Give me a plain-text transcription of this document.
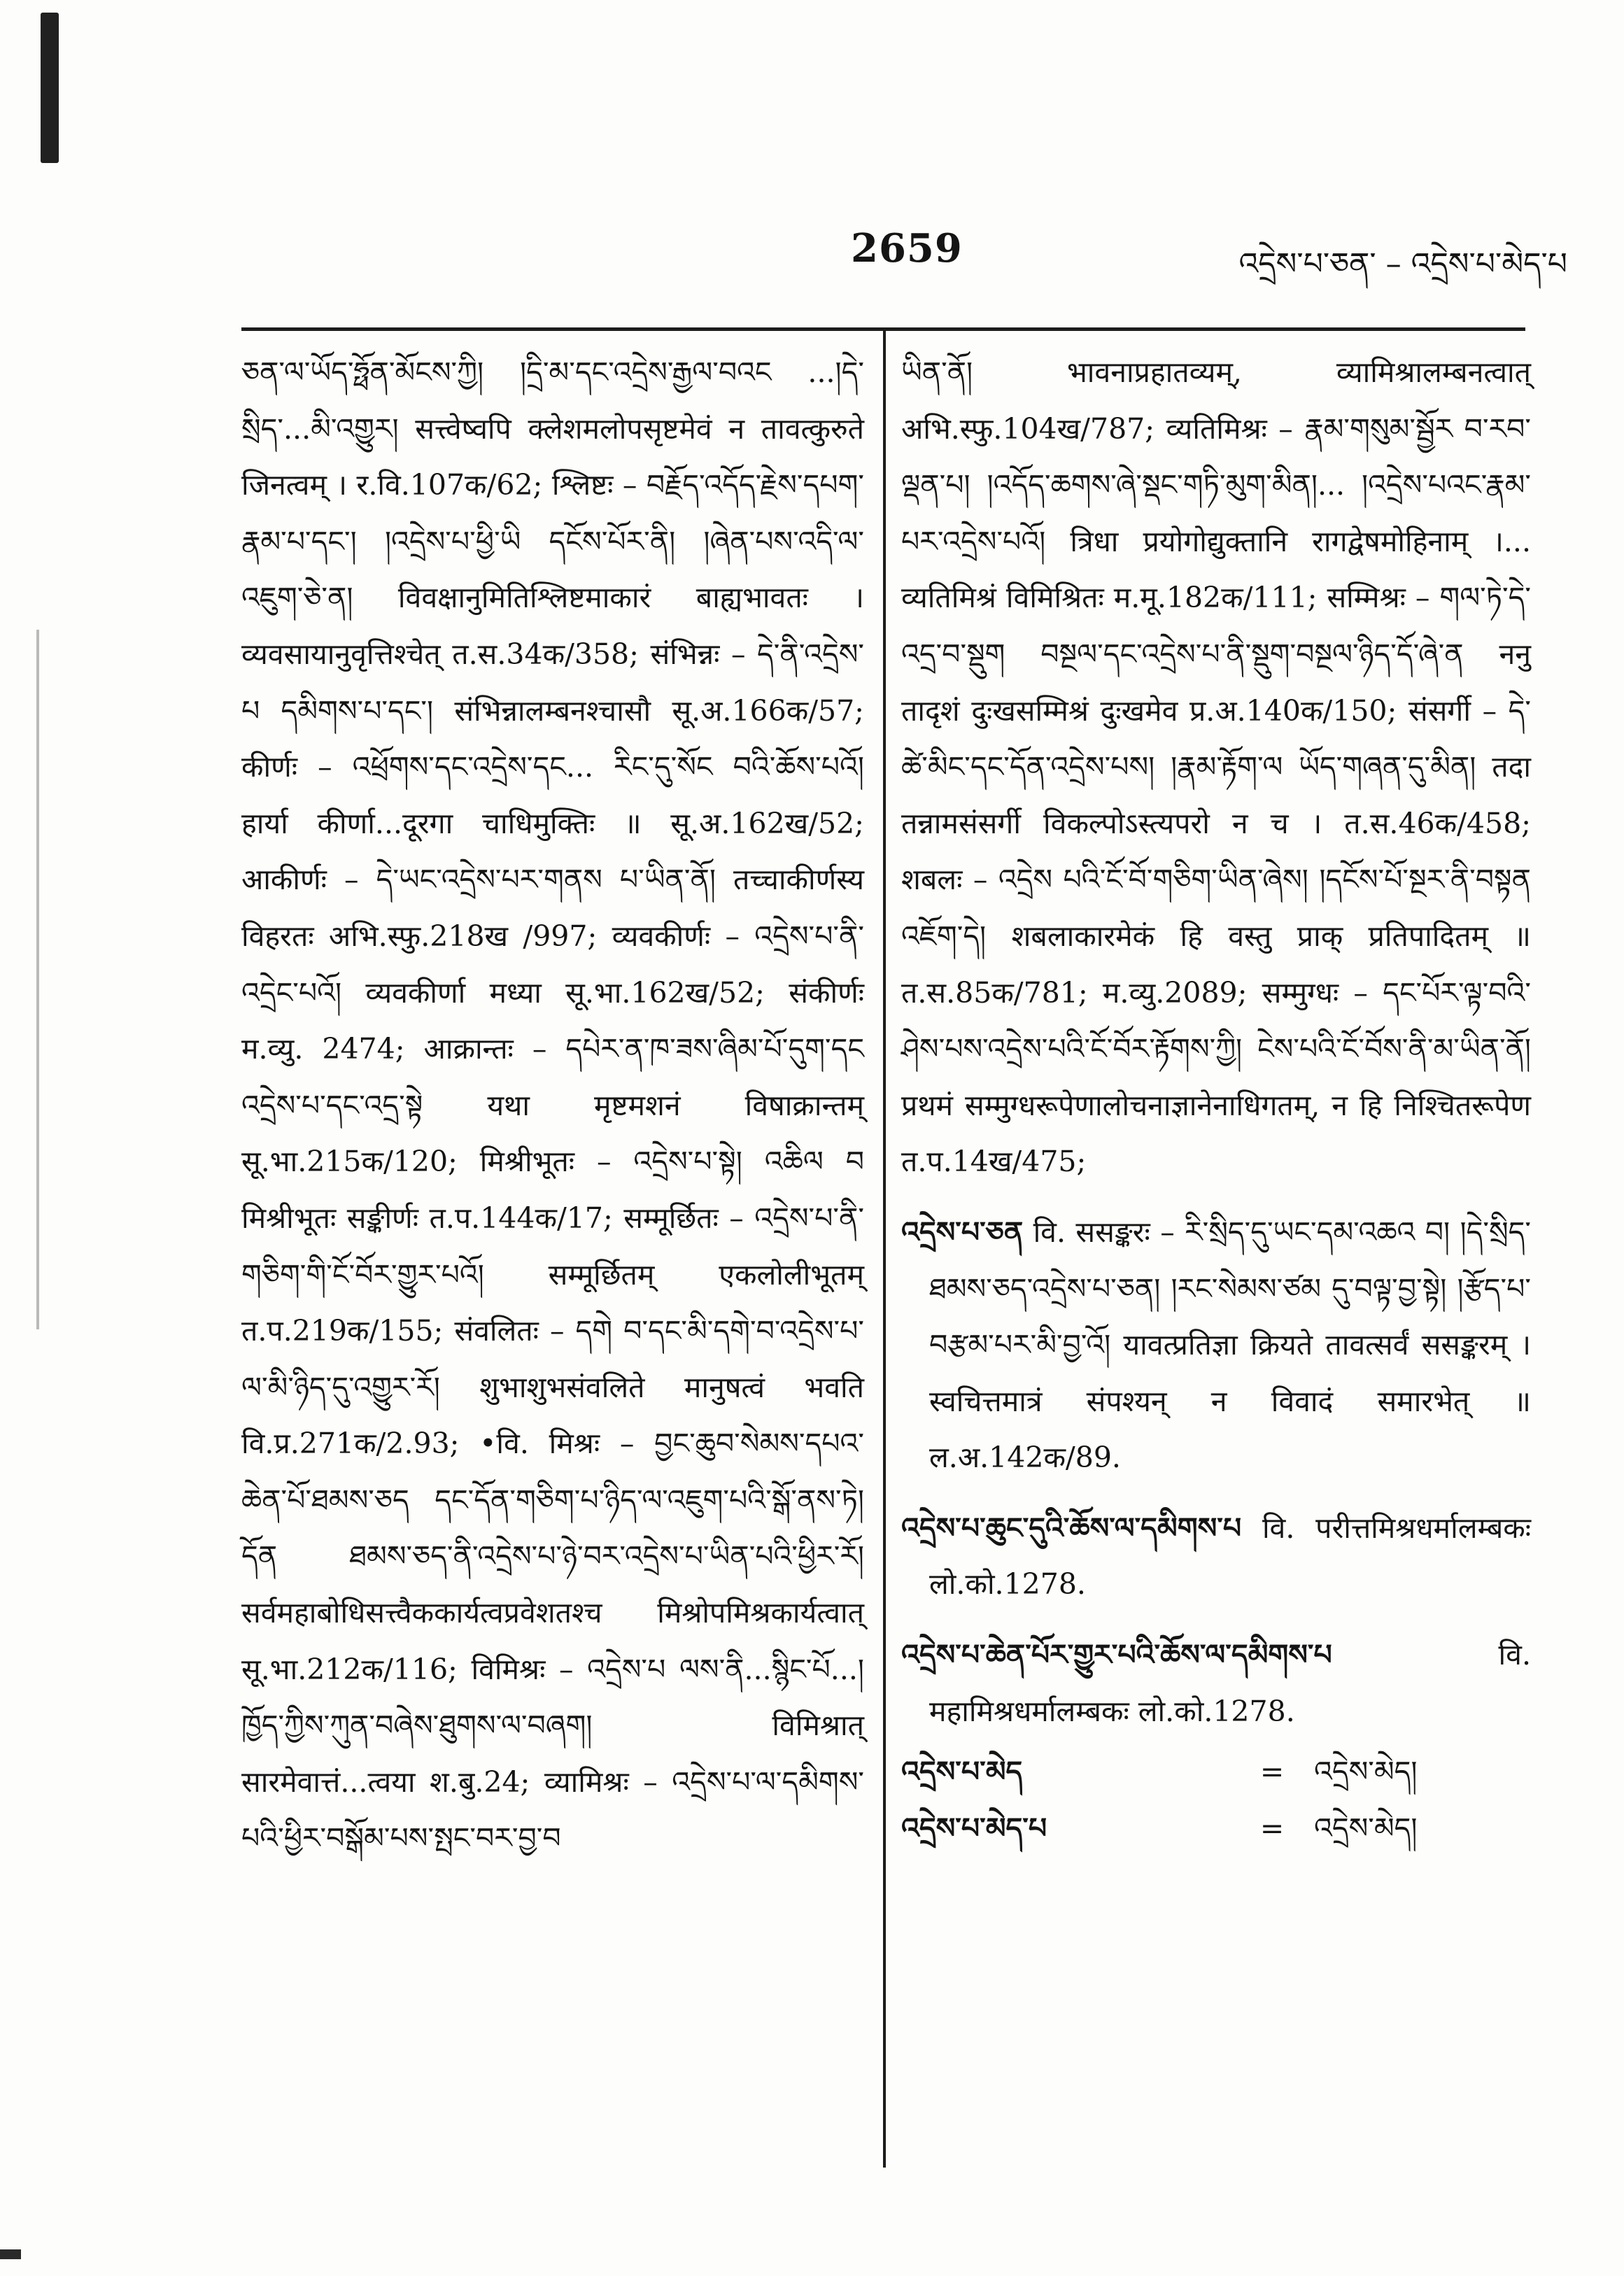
2659	འདྲེས་པ་ཅན་ – འདྲེས་པ་མེད་པ

ཅན་ལ་ཡོད་ཧྥོན་མོངས་ཀྱི། །དྲི་མ་དང་འདྲེས་རྒྱལ་བའང ...།དེ་སྲིད་...མི་འགྱུར། सत्त्वेष्वपि क्लेशमलोपसृष्टमेवं न तावत्कुरुते जिनत्वम् । र.वि.107क/62; श्लिष्टः – བརྗོད་འདོད་རྗེས་དཔག་རྣམ་པ་དང་། །འདྲེས་པ་ཕྱི་ཡི དངོས་པོར་ནི། །ཞེན་པས་འདི་ལ་འཇུག་ཅེ་ན། विवक्षानुमितिश्लिष्टमाकारं बाह्यभावतः । व्यवसायानुवृत्तिश्चेत् त.स.34क/358; संभिन्नः – དེ་ནི་འདྲེས་པ དམིགས་པ་དང་། संभिन्नालम्बनश्चासौ सू.अ.166क/57; कीर्णः – འཕྲོགས་དང་འདྲེས་དང... རིང་དུ་སོང བའི་ཆོས་པའོ། हार्या कीर्णा...दूरगा चाधिमुक्तिः ॥ सू.अ.162ख/52; आकीर्णः – དེ་ཡང་འདྲེས་པར་གནས པ་ཡིན་ནོ། तच्चाकीर्णस्य विहरतः अभि.स्फु.218ख /997; व्यवकीर्णः – འདྲེས་པ་ནི་འདྲེང་པའོ། व्यवकीर्णा मध्या सू.भा.162ख/52; संकीर्णः म.व्यु. 2474; आक्रान्तः – དཔེར་ན་ཁ་ཟས་ཞིམ་པོ་དུག་དང འདྲེས་པ་དང་འདྲ་སྟེ यथा मृष्टमशनं विषाक्रान्तम् सू.भा.215क/120; मिश्रीभूतः – འདྲེས་པ་སྟེ། འཆིལ བ मिश्रीभूतः सङ्कीर्णः त.प.144क/17; सम्मूर्छितः – འདྲེས་པ་ནི་གཅིག་གི་ངོ་བོར་གྱུར་པའོ། सम्मूर्छितम् एकलोलीभूतम् त.प.219क/155; संवलितः – དགེ བ་དང་མི་དགེ་བ་འདྲེས་པ་ལ་མི་ཉིད་དུ་འགྱུར་རོ། शुभाशुभसंवलिते मानुषत्वं भवति वि.प्र.271क/2.93; •वि. मिश्रः – བྱང་ཆུབ་སེམས་དཔའ་ཆེན་པོ་ཐམས་ཅད དང་དོན་གཅིག་པ་ཉིད་ལ་འཇུག་པའི་སྒོ་ནས་ཏེ། དོན ཐམས་ཅད་ནི་འདྲེས་པ་ཉེ་བར་འདྲེས་པ་ཡིན་པའི་ཕྱིར་རོ། सर्वमहाबोधिसत्त्वैककार्यत्वप्रवेशतश्च मिश्रोपमिश्रकार्यत्वात् सू.भा.212क/116; विमिश्रः – འདྲེས་པ ལས་ནི...སྙིང་པོ...།ཁྱོད་ཀྱིས་ཀུན་བཞེས་ཐུགས་ལ་བཞག། विमिश्रात् सारमेवात्तं...त्वया श.बु.24; व्यामिश्रः – འདྲེས་པ་ལ་དམིགས་པའི་ཕྱིར་བསྒོམ་པས་སྤང་བར་བྱ་བ

ཡིན་ནོ། भावनाप्रहातव्यम्, व्यामिश्रालम्बनत्वात् अभि.स्फु.104ख/787; व्यतिमिश्रः – རྣམ་གསུམ་སྦྱོར བ་རབ་ལྡན་པ། །འདོད་ཆགས་ཞེ་སྡང་གཏི་མུག་མིན།... །འདྲེས་པའང་རྣམ་པར་འདྲེས་པའོ། त्रिधा प्रयोगोद्युक्तानि रागद्वेषमोहिनाम् ।... व्यतिमिश्रं विमिश्रितः म.मू.182क/111; सम्मिश्रः – གལ་ཏེ་དེ་འདྲ་བ་སྡུག བསྔལ་དང་འདྲེས་པ་ནི་སྡུག་བསྔལ་ཉིད་དོ་ཞེ་ན ननु तादृशं दुःखसम्मिश्रं दुःखमेव प्र.अ.140क/150; संसर्गी – དེ་ཚེ་མིང་དང་དོན་འདྲེས་པས། །རྣམ་རྟོག་ལ ཡོད་གཞན་དུ་མིན། तदा तन्नामसंसर्गी विकल्पोऽस्त्यपरो न च । त.स.46क/458; शबलः – འདྲེས པའི་ངོ་བོ་གཅིག་ཡིན་ཞེས། །དངོས་པོ་སྔར་ནི་བསྟན འཇོག་དེ། शबलाकारमेकं हि वस्तु प्राक् प्रतिपादितम् ॥ त.स.85क/781; म.व्यु.2089; सम्मुग्धः – དང་པོར་ལྟ་བའི་ཤེས་པས་འདྲེས་པའི་ངོ་བོར་རྟོགས་ཀྱི། ངེས་པའི་ངོ་བོས་ནི་མ་ཡིན་ནོ། प्रथमं सम्मुग्धरूपेणालोचनाज्ञानेनाधिगतम्, न हि निश्चितरूपेण त.प.14ख/475;

འདྲེས་པ་ཅན वि. ससङ्करः – རི་སྲིད་དུ་ཡང་དམ་འཆའ བ། །དེ་སྲིད་ཐམས་ཅད་འདྲེས་པ་ཅན། །རང་སེམས་ཙམ དུ་བལྟ་བྱ་སྟེ། །རྩོད་པ་བརྩམ་པར་མི་བྱ་འོ། यावत्प्रतिज्ञा क्रियते तावत्सर्वं ससङ्करम् । स्वचित्तमात्रं संपश्यन् न विवादं समारभेत् ॥ ल.अ.142क/89.

འདྲེས་པ་ཆུང་དུའི་ཆོས་ལ་དམིགས་པ वि. परीत्तमिश्रधर्मालम्बकः लो.को.1278.

འདྲེས་པ་ཆེན་པོར་གྱུར་པའི་ཆོས་ལ་དམིགས་པ	वि. महामिश्रधर्मालम्बकः लो.को.1278.

འདྲེས་པ་མེད	=	འདྲེས་མེད།
འདྲེས་པ་མེད་པ	=	འདྲེས་མེད།
